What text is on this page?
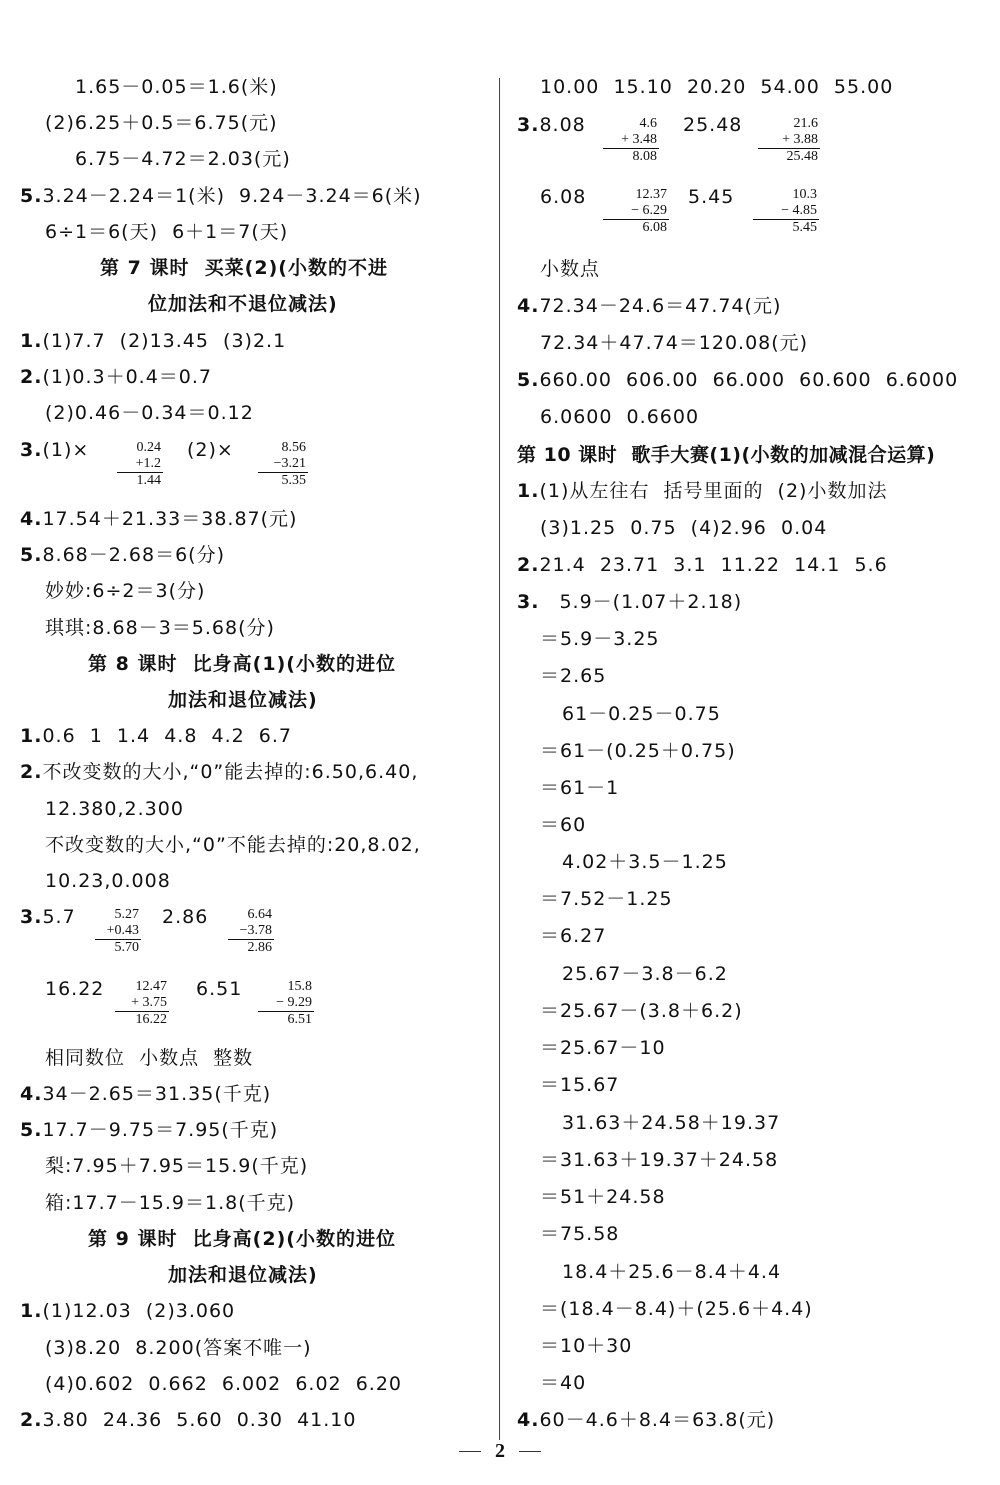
1.65－0.05＝1.6(米)
(2)6.25＋0.5＝6.75(元)
6.75－4.72＝2.03(元)
5.3.24－2.24＝1(米)  9.24－3.24＝6(米)
6÷1＝6(天)  6＋1＝7(天)
第 7 课时  买菜(2)(小数的不进
位加法和不退位减法)
1.(1)7.7  (2)13.45  (3)2.1
2.(1)0.3＋0.4＝0.7
(2)0.46－0.34＝0.12
3.(1)×	(2)×
4.17.54＋21.33＝38.87(元)
5.8.68－2.68＝6(分)
妙妙:6÷2＝3(分)
琪琪:8.68－3＝5.68(分)
第 8 课时  比身高(1)(小数的进位
加法和退位减法)
1.0.6  1  1.4  4.8  4.2  6.7
2.不改变数的大小,“0”能去掉的:6.50,6.40,
12.380,2.300
不改变数的大小,“0”不能去掉的:20,8.02,
10.23,0.008
3.5.7	2.86
16.22	6.51
相同数位  小数点  整数
4.34－2.65＝31.35(千克)
5.17.7－9.75＝7.95(千克)
梨:7.95＋7.95＝15.9(千克)
箱:17.7－15.9＝1.8(千克)
第 9 课时  比身高(2)(小数的进位
加法和退位减法)
1.(1)12.03  (2)3.060
(3)8.20  8.200(答案不唯一)
(4)0.602  0.662  6.002  6.02  6.20
2.3.80  24.36  5.60  0.30  41.10
0.24
+1.2
1.44
8.56
−3.21
5.35
5.27
+0.43
5.70
6.64
−3.78
2.86
12.47
+ 3.75
16.22
15.8
− 9.29
6.51
10.00  15.10  20.20  54.00  55.00
3.8.08	25.48
6.08	5.45
小数点
4.72.34－24.6＝47.74(元)
72.34＋47.74＝120.08(元)
5.660.00  606.00  66.000  60.600  6.6000
6.0600  0.6600
第 10 课时  歌手大赛(1)(小数的加减混合运算)
1.(1)从左往右  括号里面的  (2)小数加法
(3)1.25  0.75  (4)2.96  0.04
2.21.4  23.71  3.1  11.22  14.1  5.6
3. 5.9－(1.07＋2.18)
＝5.9－3.25
＝2.65
61－0.25－0.75
＝61－(0.25＋0.75)
＝61－1
＝60
4.02＋3.5－1.25
＝7.52－1.25
＝6.27
25.67－3.8－6.2
＝25.67－(3.8＋6.2)
＝25.67－10
＝15.67
31.63＋24.58＋19.37
＝31.63＋19.37＋24.58
＝51＋24.58
＝75.58
18.4＋25.6－8.4＋4.4
＝(18.4－8.4)＋(25.6＋4.4)
＝10＋30
＝40
4.60－4.6＋8.4＝63.8(元)
4.6
+ 3.48
8.08
21.6
+ 3.88
25.48
12.37
− 6.29
6.08
10.3
− 4.85
5.45
2
